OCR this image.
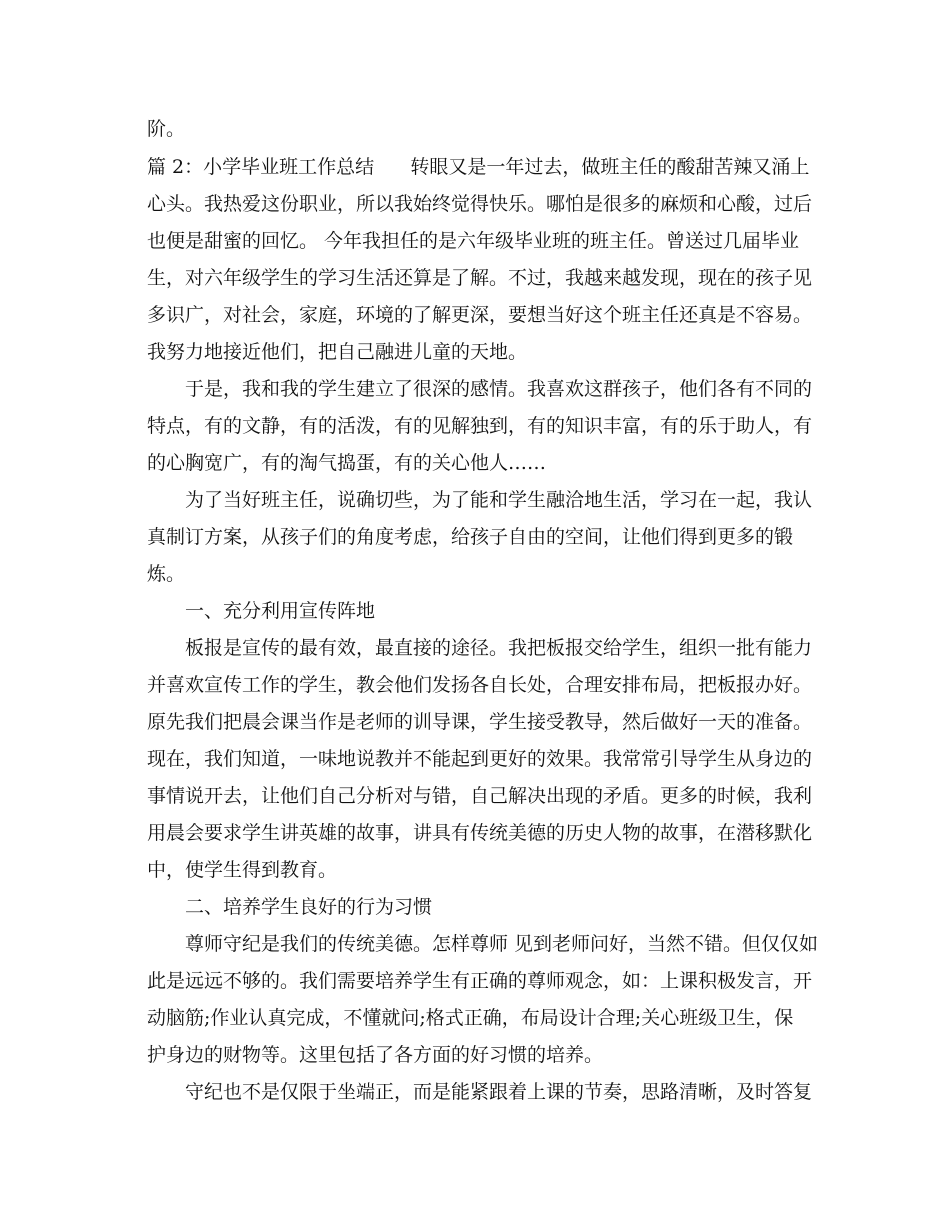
阶。
篇 2：小学毕业班工作总结      转眼又是一年过去，做班主任的酸甜苦辣又涌上
心头。我热爱这份职业，所以我始终觉得快乐。哪怕是很多的麻烦和心酸，过后
也便是甜蜜的回忆。 今年我担任的是六年级毕业班的班主任。曾送过几届毕业
生，对六年级学生的学习生活还算是了解。不过，我越来越发现，现在的孩子见
多识广，对社会，家庭，环境的了解更深，要想当好这个班主任还真是不容易。
我努力地接近他们，把自己融进儿童的天地。
于是，我和我的学生建立了很深的感情。我喜欢这群孩子，他们各有不同的
特点，有的文静，有的活泼，有的见解独到，有的知识丰富，有的乐于助人，有
的心胸宽广，有的淘气捣蛋，有的关心他人……
为了当好班主任，说确切些，为了能和学生融洽地生活，学习在一起，我认
真制订方案，从孩子们的角度考虑，给孩子自由的空间，让他们得到更多的锻
炼。
一、充分利用宣传阵地
板报是宣传的最有效，最直接的途径。我把板报交给学生，组织一批有能力
并喜欢宣传工作的学生，教会他们发扬各自长处，合理安排布局，把板报办好。
原先我们把晨会课当作是老师的训导课，学生接受教导，然后做好一天的准备。
现在，我们知道，一味地说教并不能起到更好的效果。我常常引导学生从身边的
事情说开去，让他们自己分析对与错，自己解决出现的矛盾。更多的时候，我利
用晨会要求学生讲英雄的故事，讲具有传统美德的历史人物的故事，在潜移默化
中，使学生得到教育。
二、培养学生良好的行为习惯
尊师守纪是我们的传统美德。怎样尊师 见到老师问好，当然不错。但仅仅如
此是远远不够的。我们需要培养学生有正确的尊师观念，如：上课积极发言，开
动脑筋;作业认真完成，不懂就问;格式正确，布局设计合理;关心班级卫生，保
护身边的财物等。这里包括了各方面的好习惯的培养。
守纪也不是仅限于坐端正，而是能紧跟着上课的节奏，思路清晰，及时答复
